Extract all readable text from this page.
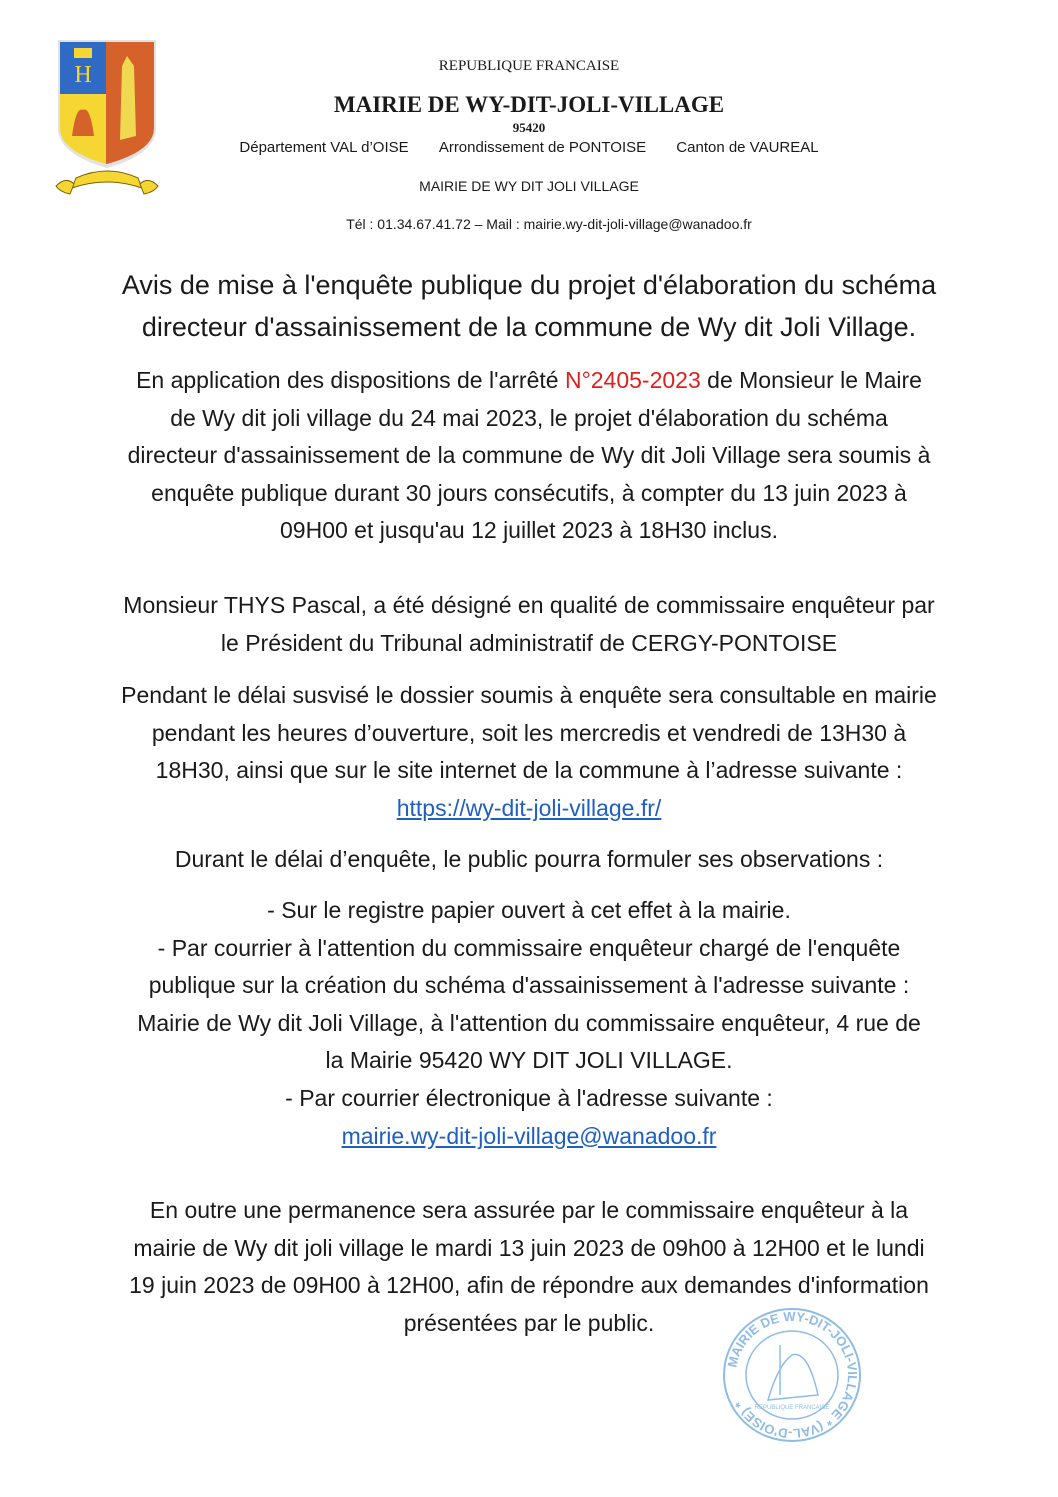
H	REPUBLIQUE FRANCAISE
MAIRIE DE WY-DIT-JOLI-VILLAGE
95420
Département VAL d’OISE Arrondissement de PONTOISE Canton de VAUREAL
MAIRIE DE WY DIT JOLI VILLAGE
Tél : 01.34.67.41.72 – Mail : mairie.wy-dit-joli-village@wanadoo.fr
Avis de mise à l'enquête publique du projet d'élaboration du schéma
directeur d'assainissement de la commune de Wy dit Joli Village.
En application des dispositions de l'arrêté N°2405-2023 de Monsieur le Maire
de Wy dit joli village du 24 mai 2023, le projet d'élaboration du schéma
directeur d'assainissement de la commune de Wy dit Joli Village sera soumis à
enquête publique durant 30 jours consécutifs, à compter du 13 juin 2023 à
09H00 et jusqu'au 12 juillet 2023 à 18H30 inclus.
Monsieur THYS Pascal, a été désigné en qualité de commissaire enquêteur par
le Président du Tribunal administratif de CERGY-PONTOISE
Pendant le délai susvisé le dossier soumis à enquête sera consultable en mairie
pendant les heures d’ouverture, soit les mercredis et vendredi de 13H30 à
18H30, ainsi que sur le site internet de la commune à l’adresse suivante :
https://wy-dit-joli-village.fr/
Durant le délai d’enquête, le public pourra formuler ses observations :
- Sur le registre papier ouvert à cet effet à la mairie.
- Par courrier à l'attention du commissaire enquêteur chargé de l'enquête
publique sur la création du schéma d'assainissement à l'adresse suivante :
Mairie de Wy dit Joli Village, à l'attention du commissaire enquêteur, 4 rue de
la Mairie 95420 WY DIT JOLI VILLAGE.
- Par courrier électronique à l'adresse suivante :
mairie.wy-dit-joli-village@wanadoo.fr
En outre une permanence sera assurée par le commissaire enquêteur à la
mairie de Wy dit joli village le mardi 13 juin 2023 de 09h00 à 12H00 et le lundi
19 juin 2023 de 09H00 à 12H00, afin de répondre aux demandes d'information
présentées par le public.
MAIRIE DE WY-DIT-JOLI-VILLAGE * (VAL-D'OISE) *	REPUBLIQUE FRANCAISE
